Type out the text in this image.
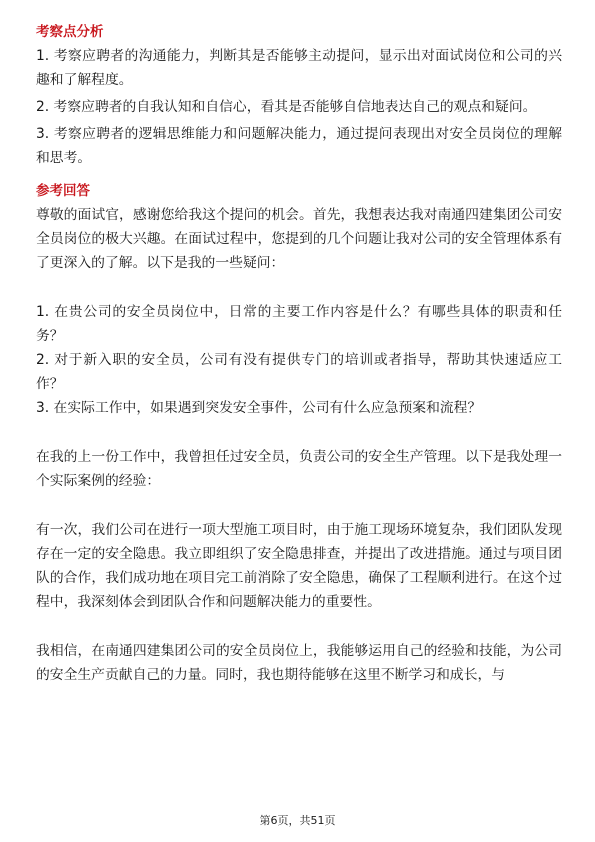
考察点分析

1. 考察应聘者的沟通能力，判断其是否能够主动提问，显示出对面试岗位和公司的兴趣和了解程度。

2. 考察应聘者的自我认知和自信心，看其是否能够自信地表达自己的观点和疑问。

3. 考察应聘者的逻辑思维能力和问题解决能力，通过提问表现出对安全员岗位的理解和思考。

参考回答

尊敬的面试官，感谢您给我这个提问的机会。首先，我想表达我对南通四建集团公司安全员岗位的极大兴趣。在面试过程中，您提到的几个问题让我对公司的安全管理体系有了更深入的了解。以下是我的一些疑问：

1. 在贵公司的安全员岗位中，日常的主要工作内容是什么？有哪些具体的职责和任务？

2. 对于新入职的安全员，公司有没有提供专门的培训或者指导，帮助其快速适应工作？

3. 在实际工作中，如果遇到突发安全事件，公司有什么应急预案和流程？

在我的上一份工作中，我曾担任过安全员，负责公司的安全生产管理。以下是我处理一个实际案例的经验：

有一次，我们公司在进行一项大型施工项目时，由于施工现场环境复杂，我们团队发现存在一定的安全隐患。我立即组织了安全隐患排查，并提出了改进措施。通过与项目团队的合作，我们成功地在项目完工前消除了安全隐患，确保了工程顺利进行。在这个过程中，我深刻体会到团队合作和问题解决能力的重要性。

我相信，在南通四建集团公司的安全员岗位上，我能够运用自己的经验和技能，为公司的安全生产贡献自己的力量。同时，我也期待能够在这里不断学习和成长，与

第6页，共51页
